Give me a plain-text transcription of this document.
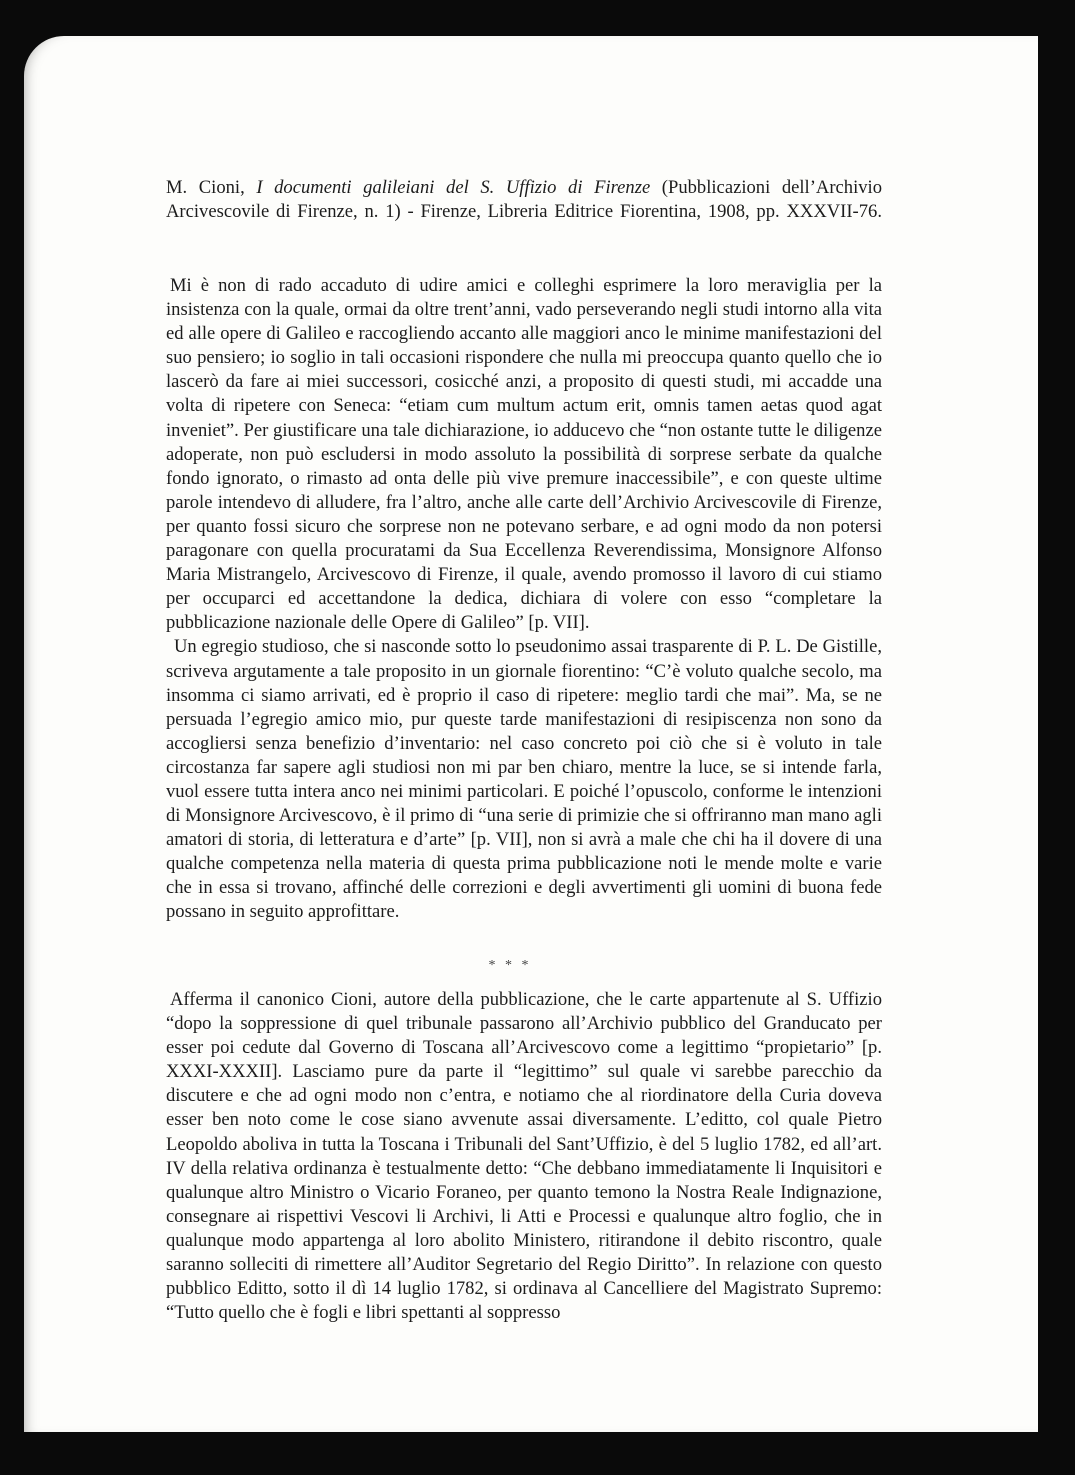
M. Cioni, I documenti galileiani del S. Uffizio di Firenze (Pubblicazioni dell’Archivio
Arcivescovile di Firenze, n. 1) - Firenze, Libreria Editrice Fiorentina, 1908, pp. XXXVII-76.

Mi è non di rado accaduto di udire amici e colleghi esprimere la loro meraviglia per la insistenza con la quale, ormai da oltre trent’anni, vado perseverando negli studi intorno alla vita ed alle opere di Galileo e raccogliendo accanto alle maggiori anco le minime manifestazioni del suo pensiero; io soglio in tali occasioni rispondere che nulla mi preoccupa quanto quello che io lascerò da fare ai miei successori, cosicché anzi, a proposito di questi studi, mi accadde una volta di ripetere con Seneca: “etiam cum multum actum erit, omnis tamen aetas quod agat inveniet”. Per giustificare una tale dichiarazione, io adducevo che “non ostante tutte le diligenze adoperate, non può escludersi in modo assoluto la possibilità di sorprese serbate da qualche fondo ignorato, o rimasto ad onta delle più vive premure inaccessibile”, e con queste ultime parole intendevo di alludere, fra l’altro, anche alle carte dell’Archivio Arcivescovile di Firenze, per quanto fossi sicuro che sorprese non ne potevano serbare, e ad ogni modo da non potersi paragonare con quella procuratami da Sua Eccellenza Reverendissima, Monsignore Alfonso Maria Mistrangelo, Arcivescovo di Firenze, il quale, avendo promosso il lavoro di cui stiamo per occuparci ed accettandone la dedica, dichiara di volere con esso “completare la pubblicazione nazionale delle Opere di Galileo” [p. VII].

Un egregio studioso, che si nasconde sotto lo pseudonimo assai trasparente di P. L. De Gistille, scriveva argutamente a tale proposito in un giornale fiorentino: “C’è voluto qualche secolo, ma insomma ci siamo arrivati, ed è proprio il caso di ripetere: meglio tardi che mai”. Ma, se ne persuada l’egregio amico mio, pur queste tarde manifestazioni di resipiscenza non sono da accogliersi senza benefizio d’inventario: nel caso concreto poi ciò che si è voluto in tale circostanza far sapere agli studiosi non mi par ben chiaro, mentre la luce, se si intende farla, vuol essere tutta intera anco nei minimi particolari. E poiché l’opuscolo, conforme le intenzioni di Monsignore Arcivescovo, è il primo di “una serie di primizie che si offriranno man mano agli amatori di storia, di letteratura e d’arte” [p. VII], non si avrà a male che chi ha il dovere di una qualche competenza nella materia di questa prima pubblicazione noti le mende molte e varie che in essa si trovano, affinché delle correzioni e degli avvertimenti gli uomini di buona fede possano in seguito approfittare.

* * *

Afferma il canonico Cioni, autore della pubblicazione, che le carte appartenute al S. Uffizio “dopo la soppressione di quel tribunale passarono all’Archivio pubblico del Granducato per esser poi cedute dal Governo di Toscana all’Arcivescovo come a legittimo “propietario” [p. XXXI-XXXII]. Lasciamo pure da parte il “legittimo” sul quale vi sarebbe parecchio da discutere e che ad ogni modo non c’entra, e notiamo che al riordinatore della Curia doveva esser ben noto come le cose siano avvenute assai diversamente. L’editto, col quale Pietro Leopoldo aboliva in tutta la Toscana i Tribunali del Sant’Uffizio, è del 5 luglio 1782, ed all’art. IV della relativa ordinanza è testualmente detto: “Che debbano immediatamente li Inquisitori e qualunque altro Ministro o Vicario Foraneo, per quanto temono la Nostra Reale Indignazione, consegnare ai rispettivi Vescovi li Archivi, li Atti e Processi e qualunque altro foglio, che in qualunque modo appartenga al loro abolito Ministero, ritirandone il debito riscontro, quale saranno solleciti di rimettere all’Auditor Segretario del Regio Diritto”. In relazione con questo pubblico Editto, sotto il dì 14 luglio 1782, si ordinava al Cancelliere del Magistrato Supremo: “Tutto quello che è fogli e libri spettanti al soppresso
